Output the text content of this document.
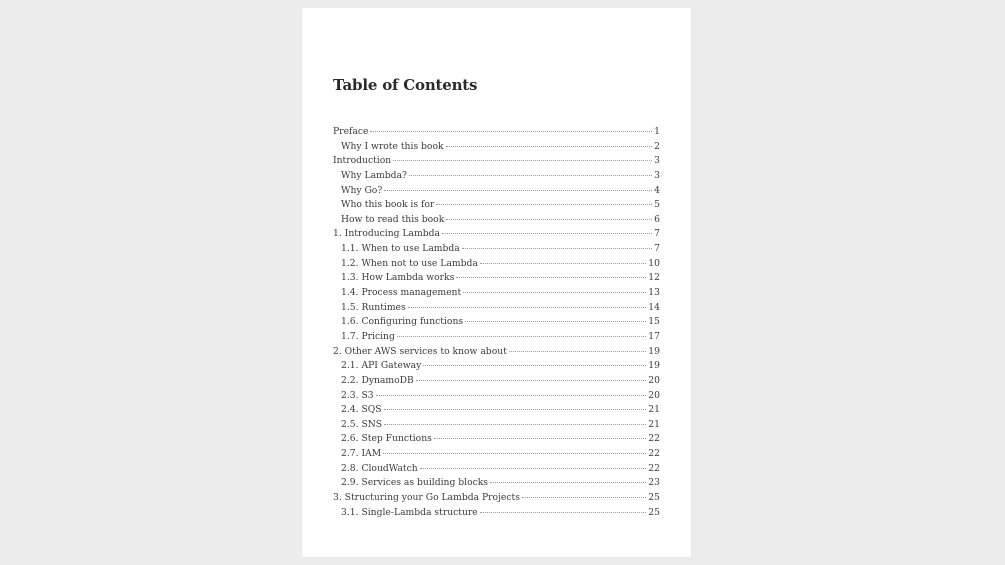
Table of Contents
Preface	1
Why I wrote this book	2
Introduction	3
Why Lambda?	3
Why Go?	4
Who this book is for	5
How to read this book	6
1. Introducing Lambda	7
1.1. When to use Lambda	7
1.2. When not to use Lambda	10
1.3. How Lambda works	12
1.4. Process management	13
1.5. Runtimes	14
1.6. Configuring functions	15
1.7. Pricing	17
2. Other AWS services to know about	19
2.1. API Gateway	19
2.2. DynamoDB	20
2.3. S3	20
2.4. SQS	21
2.5. SNS	21
2.6. Step Functions	22
2.7. IAM	22
2.8. CloudWatch	22
2.9. Services as building blocks	23
3. Structuring your Go Lambda Projects	25
3.1. Single-Lambda structure	25
